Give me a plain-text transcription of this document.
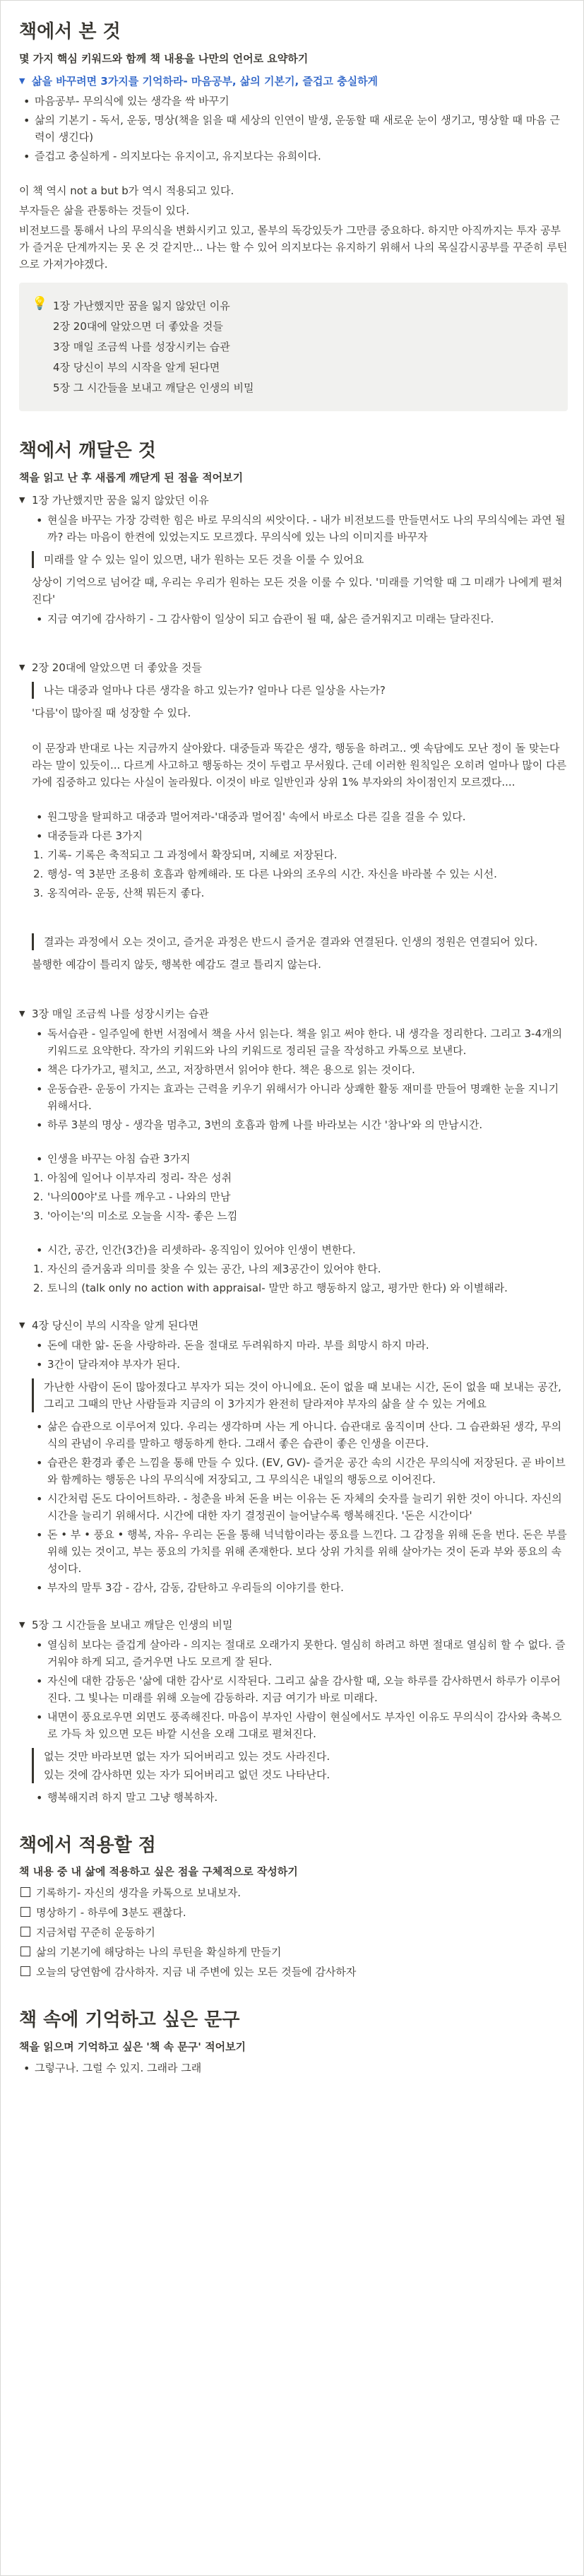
책에서 본 것
몇 가지 핵심 키워드와 함께 책 내용을 나만의 언어로 요약하기
▼ 삶을 바꾸려면 3가지를 기억하라- 마음공부, 삶의 기본기, 즐겁고 충실하게
• 마음공부- 무의식에 있는 생각을 싹 바꾸기
• 삶의 기본기 - 독서, 운동, 명상(책을 읽을 때 세상의 인연이 발생, 운동할 때 새로운 눈이 생기고, 명상할 때 마음 근력이 생긴다)
• 즐겁고 충실하게 - 의지보다는 유지이고, 유지보다는 유희이다.

이 책 역시 not a but b가 역시 적용되고 있다.

부자들은 삶을 관통하는 것들이 있다.

비전보드를 통해서 나의 무의식을 변화시키고 있고, 몰부의 독강있듯가 그만큼 중요하다. 하지만 아직까지는 투자 공부가 즐거운 단계까지는 못 온 것 같지만... 나는 할 수 있어 의지보다는 유지하기 위해서 나의 목실감시공부를 꾸준히 루틴으로 가져가야겠다.

💡 1장 가난했지만 꿈을 잃지 않았던 이유
2장 20대에 알았으면 더 좋았을 것들
3장 매일 조금씩 나를 성장시키는 습관
4장 당신이 부의 시작을 알게 된다면
5장 그 시간들을 보내고 깨달은 인생의 비밀
책에서 깨달은 것
책을 읽고 난 후 새롭게 깨닫게 된 점을 적어보기
▼ 1장 가난했지만 꿈을 잃지 않았던 이유
• 현실을 바꾸는 가장 강력한 힘은 바로 무의식의 씨앗이다. - 내가 비전보드를 만들면서도 나의 무의식에는 과연 될까? 라는 마음이 한켠에 있었는지도 모르겠다. 무의식에 있는 나의 이미지를 바꾸자

미래를 알 수 있는 일이 있으면, 내가 원하는 모든 것을 이룰 수 있어요

상상이 기억으로 넘어갈 때, 우리는 우리가 원하는 모든 것을 이룰 수 있다. '미래를 기억할 때 그 미래가 나에게 펼쳐진다'

• 지금 여기에 감사하기 - 그 감사함이 일상이 되고 습관이 될 때, 삶은 즐거워지고 미래는 달라진다.
▼ 2장 20대에 알았으면 더 좋았을 것들

나는 대중과 얼마나 다른 생각을 하고 있는가? 얼마나 다른 일상을 사는가?

'다름'이 많아질 때 성장할 수 있다.

이 문장과 반대로 나는 지금까지 살아왔다. 대중들과 똑같은 생각, 행동을 하려고.. 옛 속담에도 모난 정이 돌 맞는다 라는 말이 있듯이... 다르게 사고하고 행동하는 것이 두렵고 무서웠다. 근데 이러한 원칙일은 오히려 얼마나 많이 다른가에 집중하고 있다는 사실이 놀라웠다. 이것이 바로 일반인과 상위 1% 부자와의 차이점인지 모르겠다....

• 원그망을 탈피하고 대중과 멀어져라-'대중과 멀어짐' 속에서 바로소 다른 길을 걸을 수 있다.
• 대중들과 다른 3가지
1. 기록- 기록은 축적되고 그 과정에서 확장되며, 지혜로 저장된다.
2. 행성- 역 3분만 조용히 호흡과 함께해라. 또 다른 나와의 조우의 시간. 자신을 바라볼 수 있는 시선.
3. 옹직여라- 운동, 산책 뭐든지 좋다.

결과는 과정에서 오는 것이고, 즐거운 과정은 반드시 즐거운 결과와 연결된다. 인생의 정원은 연결되어 있다.

불행한 예감이 틀리지 않듯, 행복한 예감도 결코 틀리지 않는다.

▼ 3장 매일 조금씩 나를 성장시키는 습관
• 독서습관 - 일주일에 한번 서점에서 책을 사서 읽는다. 책을 읽고 써야 한다. 내 생각을 정리한다. 그리고 3-4개의 키워드로 요약한다. 작가의 키워드와 나의 키워드로 정리된 글을 작성하고 카톡으로 보낸다.
• 책은 다가가고, 펼치고, 쓰고, 저장하면서 읽어야 한다. 책은 용으로 읽는 것이다.
• 운동습관- 운동이 가지는 효과는 근력을 키우기 위해서가 아니라 상쾌한 활동 재미를 만들어 명쾌한 눈을 지니기 위해서다.
• 하루 3분의 명상 - 생각을 멈추고, 3번의 호흡과 함께 나를 바라보는 시간 '참나'와 의 만남시간.
• 인생을 바꾸는 아침 습관 3가지
1. 아침에 일어나 이부자리 정리- 작은 성취
2. '나의00야'로 나를 깨우고 - 나와의 만남
3. '아이는'의 미소로 오늘을 시작- 좋은 느낌
• 시간, 공간, 인간(3간)을 리셋하라- 옹직임이 있어야 인생이 변한다.
1. 자신의 즐거움과 의미를 찾을 수 있는 공간, 나의 제3공간이 있어야 한다.
2. 토니의 (talk only no action with appraisal- 말만 하고 행동하지 않고, 평가만 한다) 와 이별해라.
▼ 4장 당신이 부의 시작을 알게 된다면
• 돈에 대한 앎- 돈을 사랑하라. 돈을 절대로 두려워하지 마라. 부를 희망시 하지 마라.
• 3간이 달라져야 부자가 된다.

가난한 사람이 돈이 많아졌다고 부자가 되는 것이 아니에요. 돈이 없을 때 보내는 시간, 돈이 없을 때 보내는 공간, 그리고 그때의 만난 사람들과 지금의 이 3가지가 완전히 달라져야 부자의 삶을 살 수 있는 거에요

• 삶은 습관으로 이루어져 있다. 우리는 생각하며 사는 게 아니다. 습관대로 움직이며 산다. 그 습관화된 생각, 무의식의 관념이 우리를 말하고 행동하게 한다. 그래서 좋은 습관이 좋은 인생을 이끈다.
• 습관은 환경과 좋은 느낌을 통해 만들 수 있다. (EV, GV)- 즐거운 공간 속의 시간은 무의식에 저장된다. 곧 바이브와 함께하는 행동은 나의 무의식에 저장되고, 그 무의식은 내일의 행동으로 이어진다.
• 시간처럼 돈도 다이어트하라. - 청춘을 바쳐 돈을 버는 이유는 돈 자체의 숫자를 늘리기 위한 것이 아니다. 자신의 시간을 늘리기 위해서다. 시간에 대한 자기 결정권이 늘어날수록 행복해진다. '돈은 시간이다'
• 돈 • 부 • 풍요 • 행복, 자유- 우리는 돈을 통해 넉넉함이라는 풍요를 느낀다. 그 감정을 위해 돈을 번다. 돈은 부를 위해 있는 것이고, 부는 풍요의 가치를 위해 존재한다. 보다 상위 가치를 위해 살아가는 것이 돈과 부와 풍요의 속성이다.
• 부자의 말투 3감 - 감사, 감동, 감탄하고 우리들의 이야기를 한다.
▼ 5장 그 시간들을 보내고 깨달은 인생의 비밀
• 열심히 보다는 즐겁게 살아라 - 의지는 절대로 오래가지 못한다. 열심히 하려고 하면 절대로 열심히 할 수 없다. 즐거워야 하게 되고, 즐거우면 나도 모르게 잘 된다.
• 자신에 대한 감동은 '삶에 대한 감사'로 시작된다. 그리고 삶을 감사할 때, 오늘 하루를 감사하면서 하루가 이루어진다. 그 빛나는 미래를 위해 오늘에 감동하라. 지금 여기가 바로 미래다.
• 내면이 풍요로우면 외면도 풍족해진다. 마음이 부자인 사람이 현실에서도 부자인 이유도 무의식이 감사와 축복으로 가득 차 있으면 모든 바깥 시선을 오래 그대로 펼쳐진다.

없는 것만 바라보면 없는 자가 되어버리고 있는 것도 사라진다.

있는 것에 감사하면 있는 자가 되어버리고 없던 것도 나타난다.

• 행복해지려 하지 말고 그냥 행복하자.
책에서 적용할 점
책 내용 중 내 삶에 적용하고 싶은 점을 구체적으로 작성하기
기록하기- 자신의 생각을 카톡으로 보내보자.
명상하기 - 하루에 3분도 괜찮다.
지금처럼 꾸준히 운동하기
삶의 기본기에 해당하는 나의 루틴을 확실하게 만들기
오늘의 당연함에 감사하자. 지금 내 주변에 있는 모든 것들에 감사하자
책 속에 기억하고 싶은 문구
책을 읽으며 기억하고 싶은 '책 속 문구' 적어보기
• 그렇구나. 그럴 수 있지. 그래라 그래
